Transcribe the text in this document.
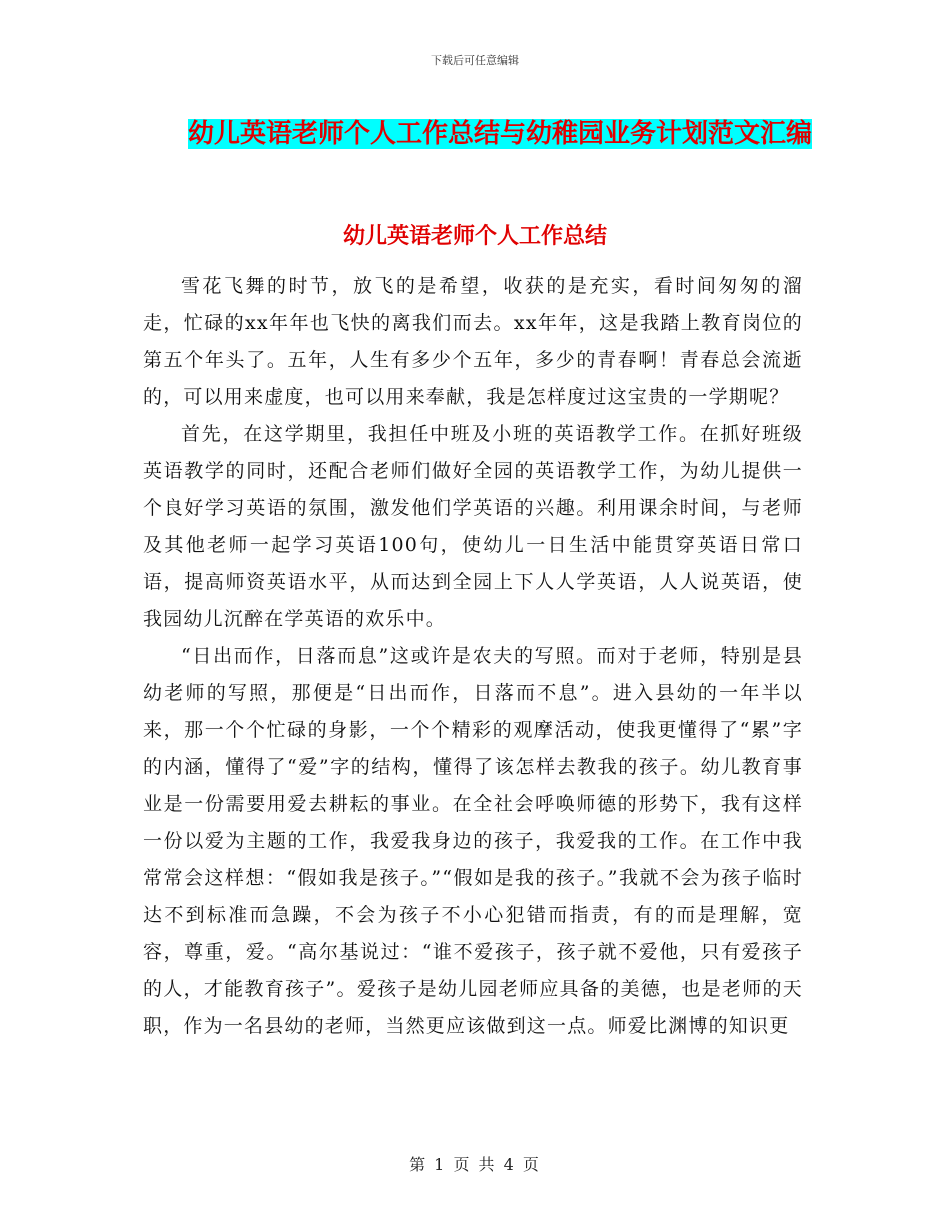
下载后可任意编辑
幼儿英语老师个人工作总结与幼稚园业务计划范文汇编
幼儿英语老师个人工作总结

雪花飞舞的时节，放飞的是希望，收获的是充实，看时间匆匆的溜走，忙碌的xx年年也飞快的离我们而去。xx年年，这是我踏上教育岗位的第五个年头了。五年，人生有多少个五年，多少的青春啊！青春总会流逝的，可以用来虚度，也可以用来奉献，我是怎样度过这宝贵的一学期呢？

首先，在这学期里，我担任中班及小班的英语教学工作。在抓好班级英语教学的同时，还配合老师们做好全园的英语教学工作，为幼儿提供一个良好学习英语的氛围，激发他们学英语的兴趣。利用课余时间，与老师及其他老师一起学习英语100句，使幼儿一日生活中能贯穿英语日常口语，提高师资英语水平，从而达到全园上下人人学英语，人人说英语，使我园幼儿沉醉在学英语的欢乐中。

“日出而作，日落而息”这或许是农夫的写照。而对于老师，特别是县幼老师的写照，那便是“日出而作，日落而不息”。进入县幼的一年半以来，那一个个忙碌的身影，一个个精彩的观摩活动，使我更懂得了“累”字的内涵，懂得了“爱”字的结构，懂得了该怎样去教我的孩子。幼儿教育事业是一份需要用爱去耕耘的事业。在全社会呼唤师德的形势下，我有这样一份以爱为主题的工作，我爱我身边的孩子，我爱我的工作。在工作中我常常会这样想：“假如我是孩子。”“假如是我的孩子。”我就不会为孩子临时达不到标准而急躁，不会为孩子不小心犯错而指责，有的而是理解，宽容，尊重，爱。“高尔基说过：“谁不爱孩子，孩子就不爱他，只有爱孩子的人，才能教育孩子”。爱孩子是幼儿园老师应具备的美德，也是老师的天职，作为一名县幼的老师，当然更应该做到这一点。师爱比渊博的知识更

第 1 页 共 4 页
